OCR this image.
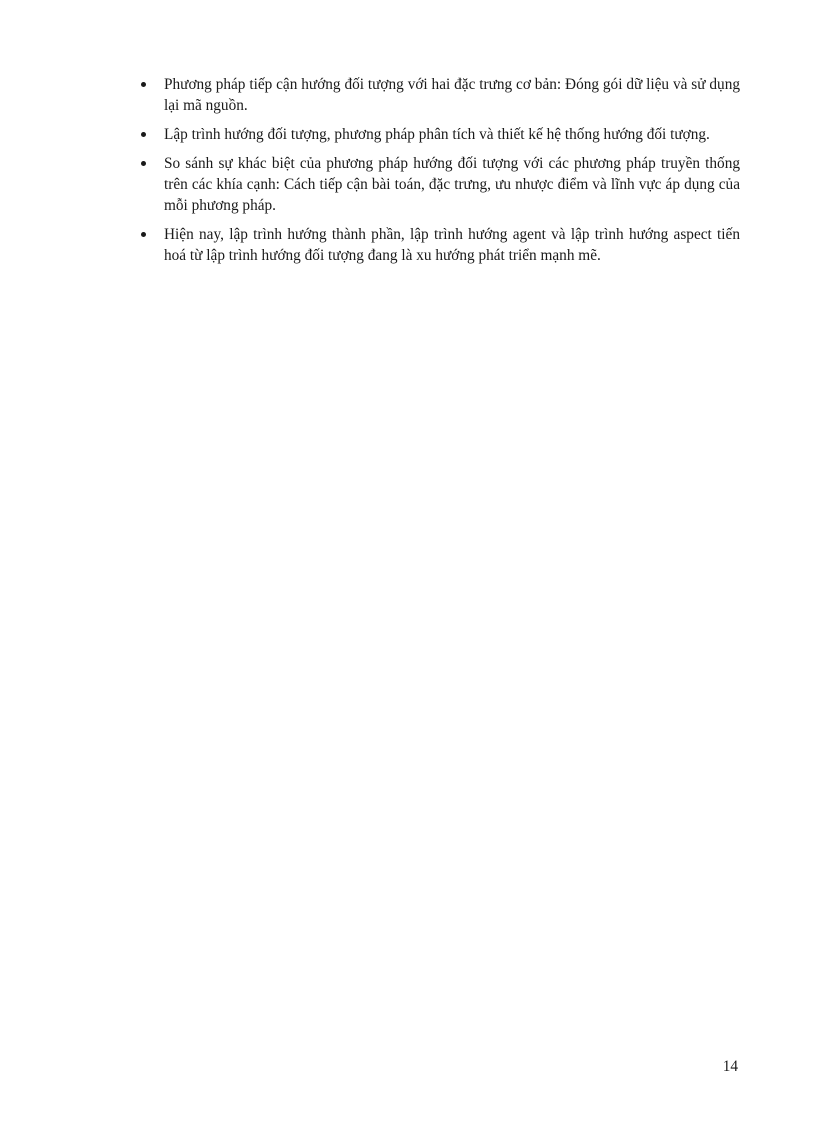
Phương pháp tiếp cận hướng đối tượng với hai đặc trưng cơ bản: Đóng gói dữ liệu và sử dụng lại mã nguồn.
Lập trình hướng đối tượng, phương pháp phân tích và thiết kế hệ thống hướng đối tượng.
So sánh sự khác biệt của phương pháp hướng đối tượng với các phương pháp truyền thống trên các khía cạnh: Cách tiếp cận bài toán, đặc trưng, ưu nhược điểm và lĩnh vực áp dụng của mỗi phương pháp.
Hiện nay, lập trình hướng thành phần, lập trình hướng agent và lập trình hướng aspect tiến hoá từ lập trình hướng đối tượng đang là xu hướng phát triển mạnh mẽ.
14
